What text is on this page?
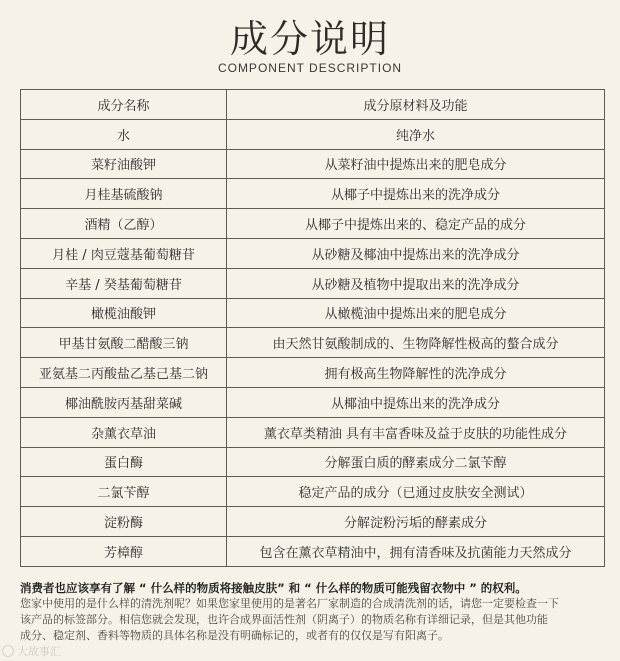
成分说明
COMPONENT DESCRIPTION
成分名称	成分原材料及功能
水	纯净水
菜籽油酸钾	从菜籽油中提炼出来的肥皂成分
月桂基硫酸钠	从椰子中提炼出来的洗净成分
酒精（乙醇）	从椰子中提炼出来的、稳定产品的成分
月桂 / 肉豆蔻基葡萄糖苷	从砂糖及椰油中提炼出来的洗净成分
辛基 / 癸基葡萄糖苷	从砂糖及植物中提取出来的洗净成分
橄榄油酸钾	从橄榄油中提炼出来的肥皂成分
甲基甘氨酸二醋酸三钠	由天然甘氨酸制成的、生物降解性极高的螯合成分
亚氨基二丙酸盐乙基己基二钠	拥有极高生物降解性的洗净成分
椰油酰胺丙基甜菜碱	从椰油中提炼出来的洗净成分
杂薰衣草油	薰衣草类精油 具有丰富香味及益于皮肤的功能性成分
蛋白酶	分解蛋白质的酵素成分二氯苄醇
二氯苄醇	稳定产品的成分（已通过皮肤安全测试）
淀粉酶	分解淀粉污垢的酵素成分
芳樟醇	包含在薰衣草精油中，拥有清香味及抗菌能力天然成分

消费者也应该享有了解 “ 什么样的物质将接触皮肤” 和 “ 什么样的物质可能残留衣物中 ” 的权利。

您家中使用的是什么样的清洗剂呢？如果您家里使用的是著名厂家制造的合成清洗剂的话，请您一定要检查一下

该产品的标签部分。相信您就会发现，也许合成界面活性剂（阴离子）的物质名称有详细记录，但是其他功能

成分、稳定剂、香料等物质的具体名称是没有明确标记的，或者有的仅仅是写有阳离子。

大故事汇
